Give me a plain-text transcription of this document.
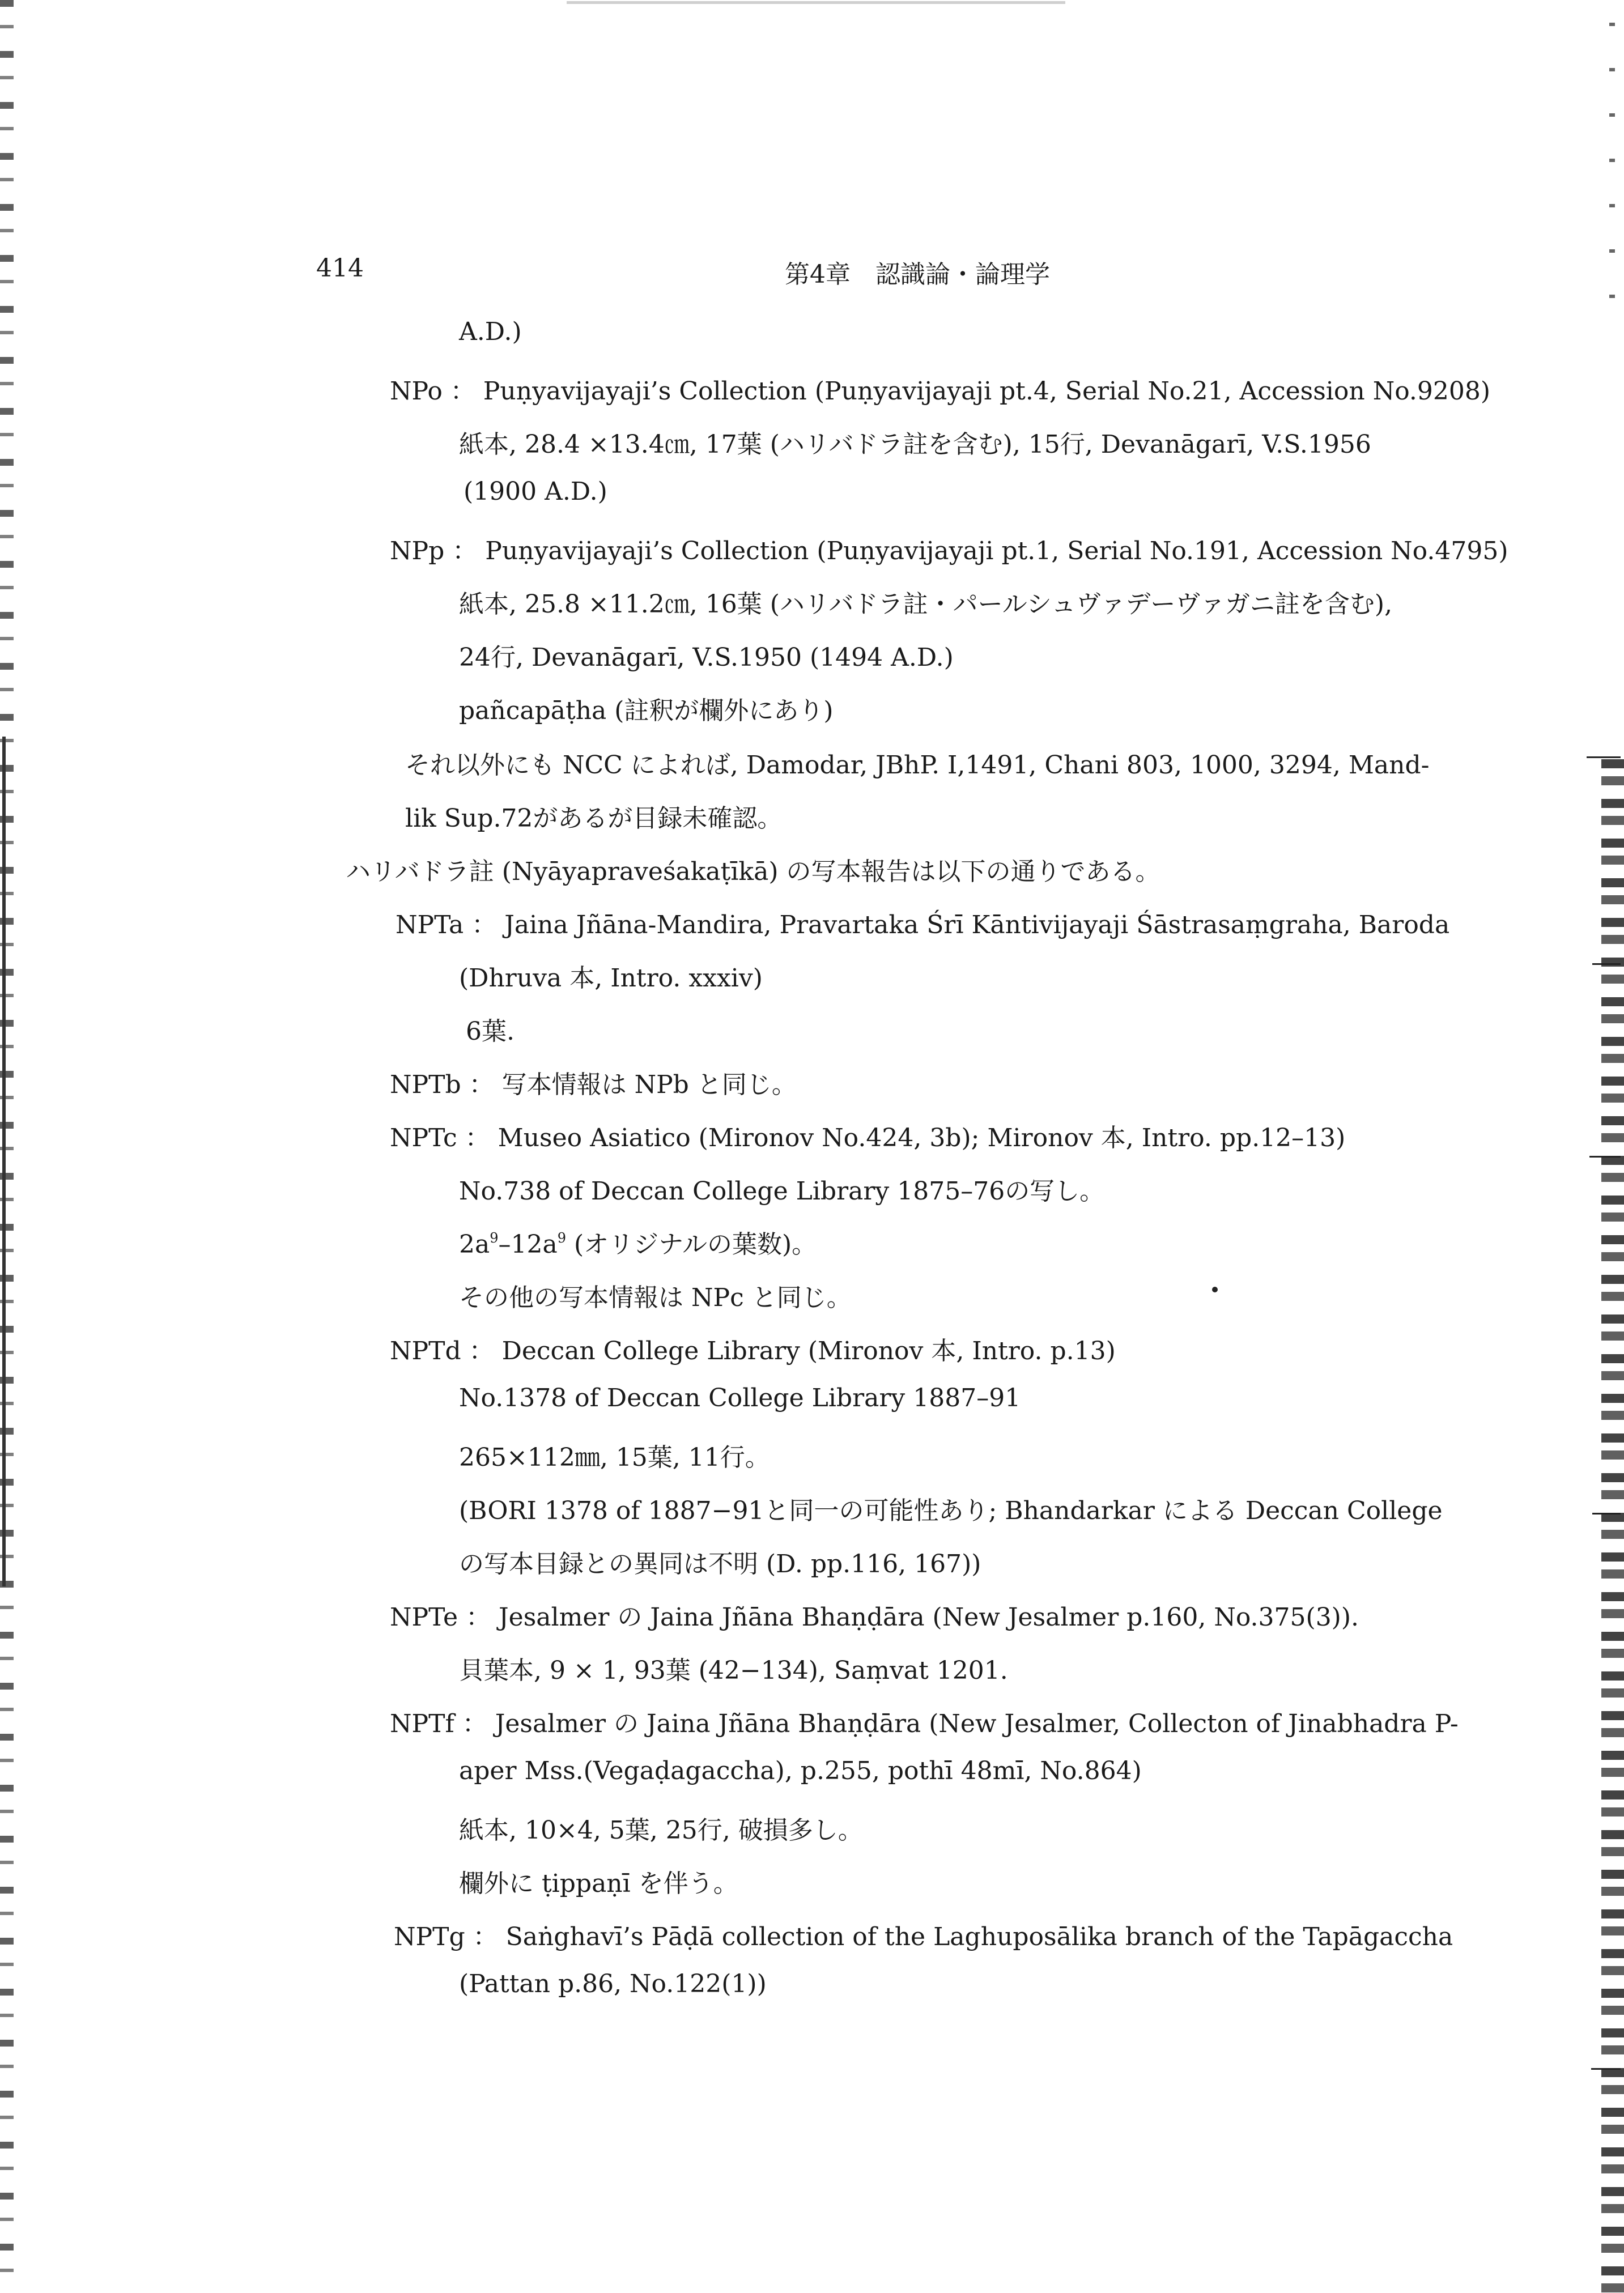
414	第4章　認識論・論理学
A.D.)
NPo ： Puṇyavijayaji’s Collection (Puṇyavijayaji pt.4, Serial No.21, Accession No.9208)
紙本, 28.4 ×13.4㎝, 17葉 (ハリバドラ註を含む), 15行, Devanāgarī, V.S.1956
(1900 A.D.)
NPp ： Puṇyavijayaji’s Collection (Puṇyavijayaji pt.1, Serial No.191, Accession No.4795)
紙本, 25.8 ×11.2㎝, 16葉 (ハリバドラ註・パールシュヴァデーヴァガニ註を含む),
24行, Devanāgarī, V.S.1950 (1494 A.D.)
pañcapāṭha (註釈が欄外にあり)
それ以外にも NCC によれば, Damodar, JBhP. I,1491, Chani 803, 1000, 3294, Mand-
lik Sup.72があるが目録未確認。
ハリバドラ註 (Nyāyapraveśakaṭīkā) の写本報告は以下の通りである。
NPTa ： Jaina Jñāna-Mandira, Pravartaka Śrī Kāntivijayaji Śāstrasaṃgraha, Baroda
(Dhruva 本, Intro. xxxiv)
6葉.
NPTb ： 写本情報は NPb と同じ。
NPTc ： Museo Asiatico (Mironov No.424, 3b); Mironov 本, Intro. pp.12–13)
No.738 of Deccan College Library 1875–76の写し。
$2a^9-12a^9$ (オリジナルの葉数)。
その他の写本情報は NPc と同じ。
NPTd ： Deccan College Library (Mironov 本, Intro. p.13)
No.1378 of Deccan College Library 1887–91
265×112㎜, 15葉, 11行。
(BORI 1378 of 1887−91と同一の可能性あり; Bhandarkar による Deccan College
の写本目録との異同は不明 (D. pp.116, 167))
NPTe ： Jesalmer の Jaina Jñāna Bhaṇḍāra (New Jesalmer p.160, No.375(3)).
貝葉本, 9 × 1, 93葉 (42−134), Saṃvat 1201.
NPTf ： Jesalmer の Jaina Jñāna Bhaṇḍāra (New Jesalmer, Collecton of Jinabhadra P-
aper Mss.(Vegaḍagaccha), p.255, pothī 48mī, No.864)
紙本, 10×4, 5葉, 25行, 破損多し。
欄外に ṭippaṇī を伴う。
NPTg ： Saṅghavī’s Pāḍā collection of the Laghuposālika branch of the Tapāgaccha
(Pattan p.86, No.122(1))
